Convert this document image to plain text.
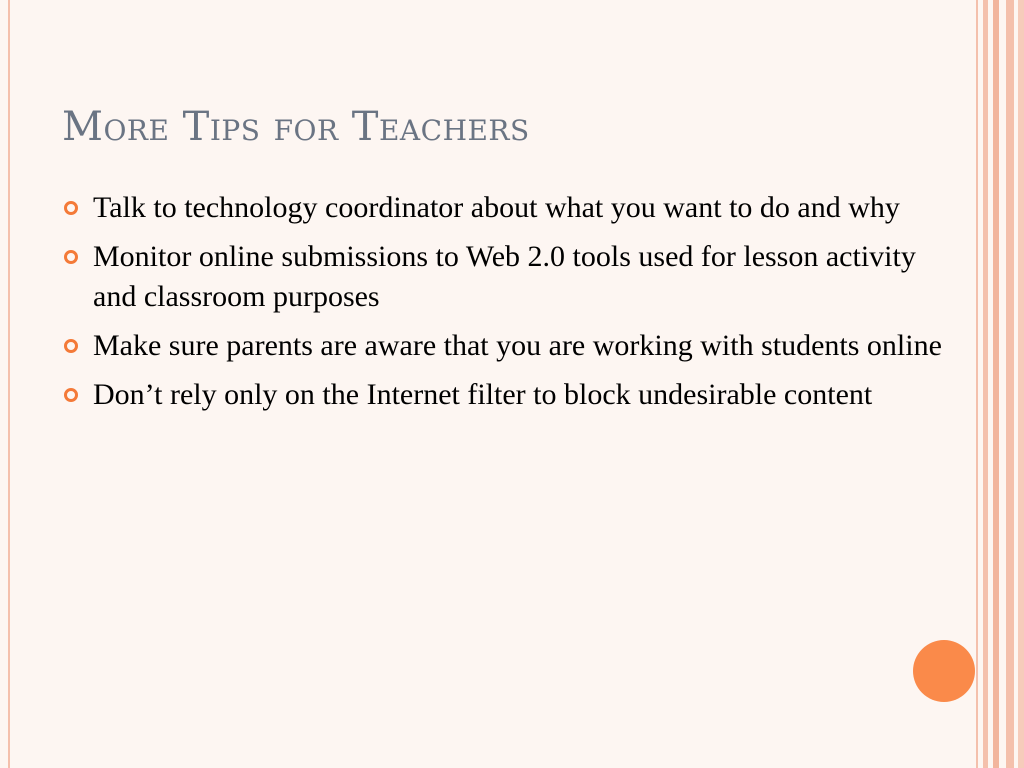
More Tips for Teachers
Talk to technology coordinator about what you want to do and why
Monitor online submissions to Web 2.0 tools used for lesson activity and classroom purposes
Make sure parents are aware that you are working with students online
Don’t rely only on the Internet filter to block undesirable content
